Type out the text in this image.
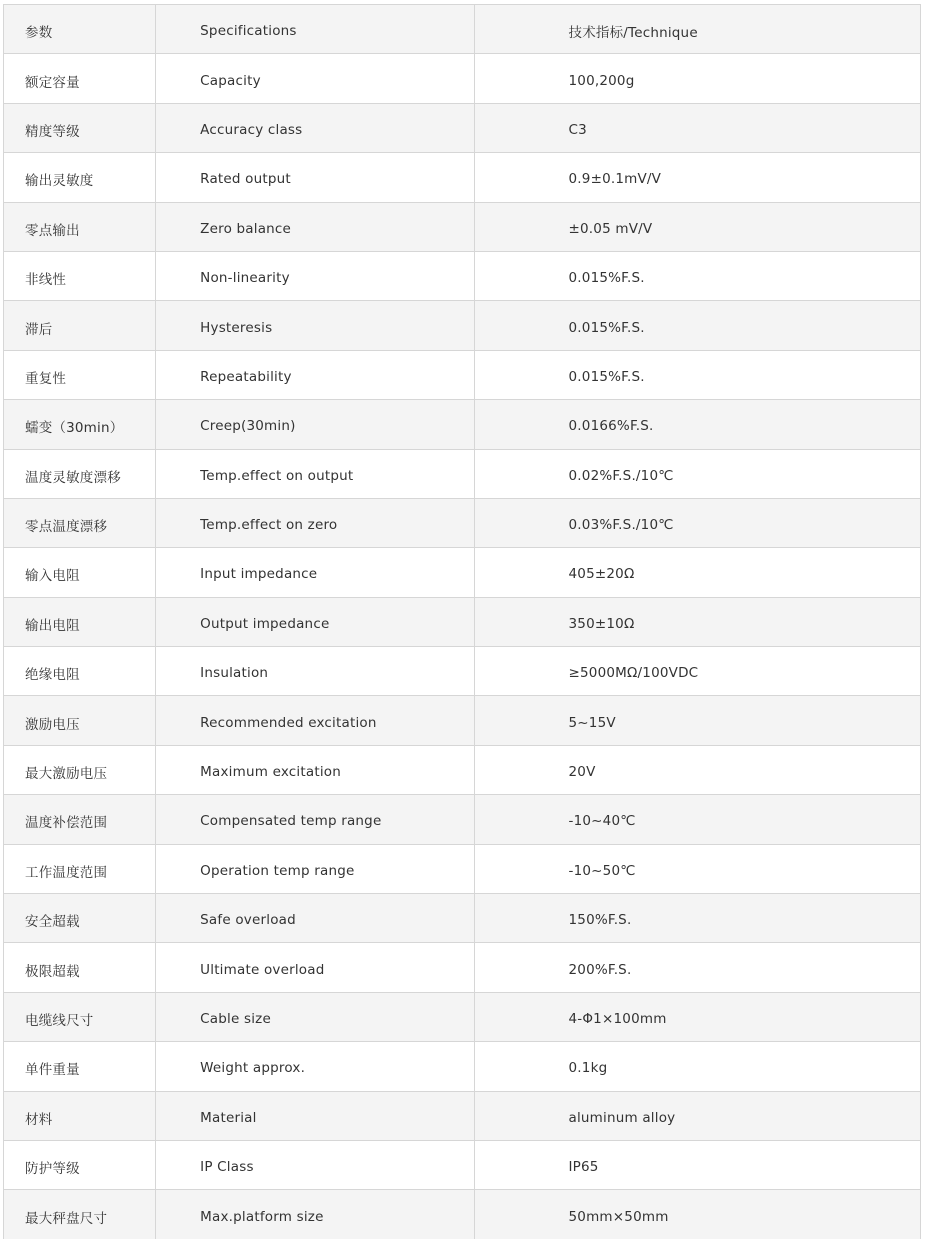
参数	Specifications	技术指标/Technique
额定容量	Capacity	100,200g
精度等级	Accuracy class	C3
输出灵敏度	Rated output	0.9±0.1mV/V
零点输出	Zero balance	±0.05 mV/V
非线性	Non-linearity	0.015%F.S.
滞后	Hysteresis	0.015%F.S.
重复性	Repeatability	0.015%F.S.
蠕变（30min）	Creep(30min)	0.0166%F.S.
温度灵敏度漂移	Temp.effect on output	0.02%F.S./10℃
零点温度漂移	Temp.effect on zero	0.03%F.S./10℃
输入电阻	Input impedance	405±20Ω
输出电阻	Output impedance	350±10Ω
绝缘电阻	Insulation	≥5000MΩ/100VDC
激励电压	Recommended excitation	5~15V
最大激励电压	Maximum excitation	20V
温度补偿范围	Compensated temp range	-10~40℃
工作温度范围	Operation temp range	-10~50℃
安全超载	Safe overload	150%F.S.
极限超载	Ultimate overload	200%F.S.
电缆线尺寸	Cable size	4-Φ1×100mm
单件重量	Weight approx.	0.1kg
材料	Material	aluminum alloy
防护等级	IP Class	IP65
最大秤盘尺寸	Max.platform size	50mm×50mm
